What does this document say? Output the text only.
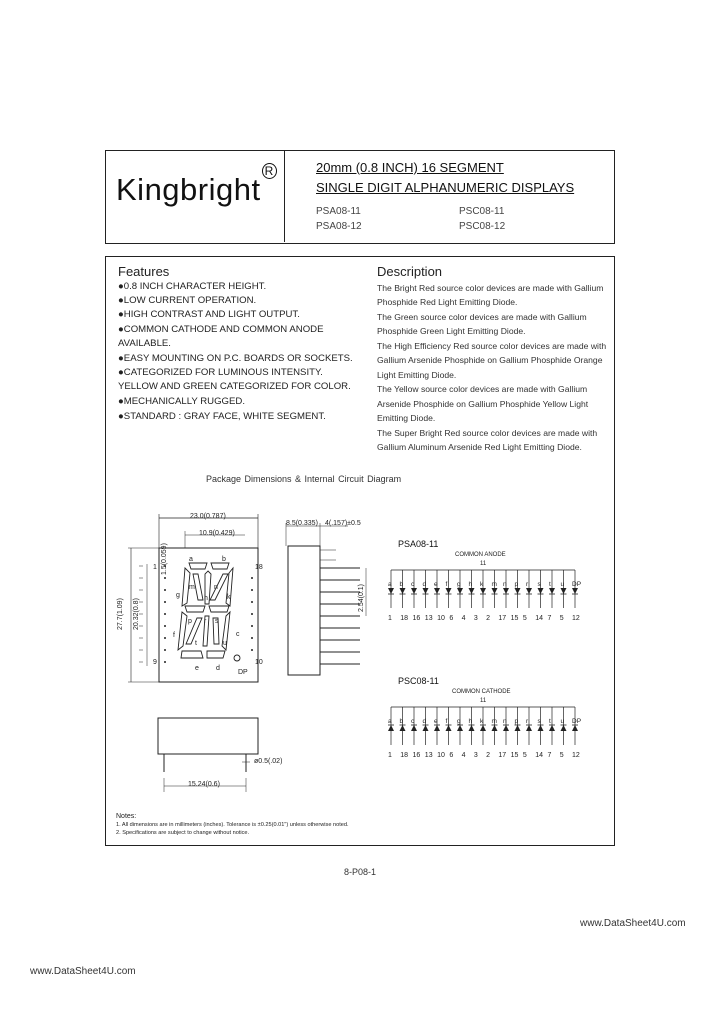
Kingbright$^R$	20mm (0.8 INCH) 16 SEGMENT
SINGLE DIGIT ALPHANUMERIC DISPLAYS
PSA08-11	PSC08-11
PSA08-12	PSC08-12
Features
●0.8 INCH CHARACTER HEIGHT.
●LOW CURRENT OPERATION.
●HIGH CONTRAST AND LIGHT OUTPUT.
●COMMON CATHODE AND COMMON ANODE
AVAILABLE.
●EASY MOUNTING ON P.C. BOARDS OR SOCKETS.
●CATEGORIZED FOR LUMINOUS INTENSITY.
YELLOW AND GREEN CATEGORIZED FOR COLOR.
●MECHANICALLY RUGGED.
●STANDARD : GRAY FACE, WHITE SEGMENT.
Description
The Bright Red source color devices are made with Gallium
Phosphide Red Light Emitting Diode.
The Green source color devices are made with Gallium
Phosphide Green Light Emitting Diode.
The High Efficiency Red source color devices are made with
Gallium Arsenide Phosphide on Gallium Phosphide Orange
Light Emitting Diode.
The Yellow source color devices are made with Gallium
Arsenide Phosphide on Gallium Phosphide Yellow Light
Emitting Diode.
The Super Bright Red source color devices are made with
Gallium Aluminum Arsenide Red Light Emitting Diode.
Package Dimensions & Internal Circuit Diagram
23.0(0.787)
10.9(0.429)
1.5(0.059)
27.7(1.09) 20.32(0.8)
1	18
9	10
a	b
c
d
e
f
g	h	k
m	n
p r s
t	u
DP
8.5(0.335) 4(.157)±0.5
2.54(0.1)
15.24(0.6)
ø0.5(.02)
PSA08-11
COMMON ANODE
11
a b c d e f g h k m n p r s t u DP
1 18 16 13 10 6 4 3 2 17 15 5 14 7 5 12
PSC08-11
COMMON CATHODE
11
a b c d e f g h k m n p r s t u DP
1 18 16 13 10 6 4 3 2 17 15 5 14 7 5 12
Notes:
1. All dimensions are in millimeters (inches). Tolerance is ±0.25(0.01") unless otherwise noted.
2. Specifications are subject to change without notice.
8-P08-1
www.DataSheet4U.com
www.DataSheet4U.com
